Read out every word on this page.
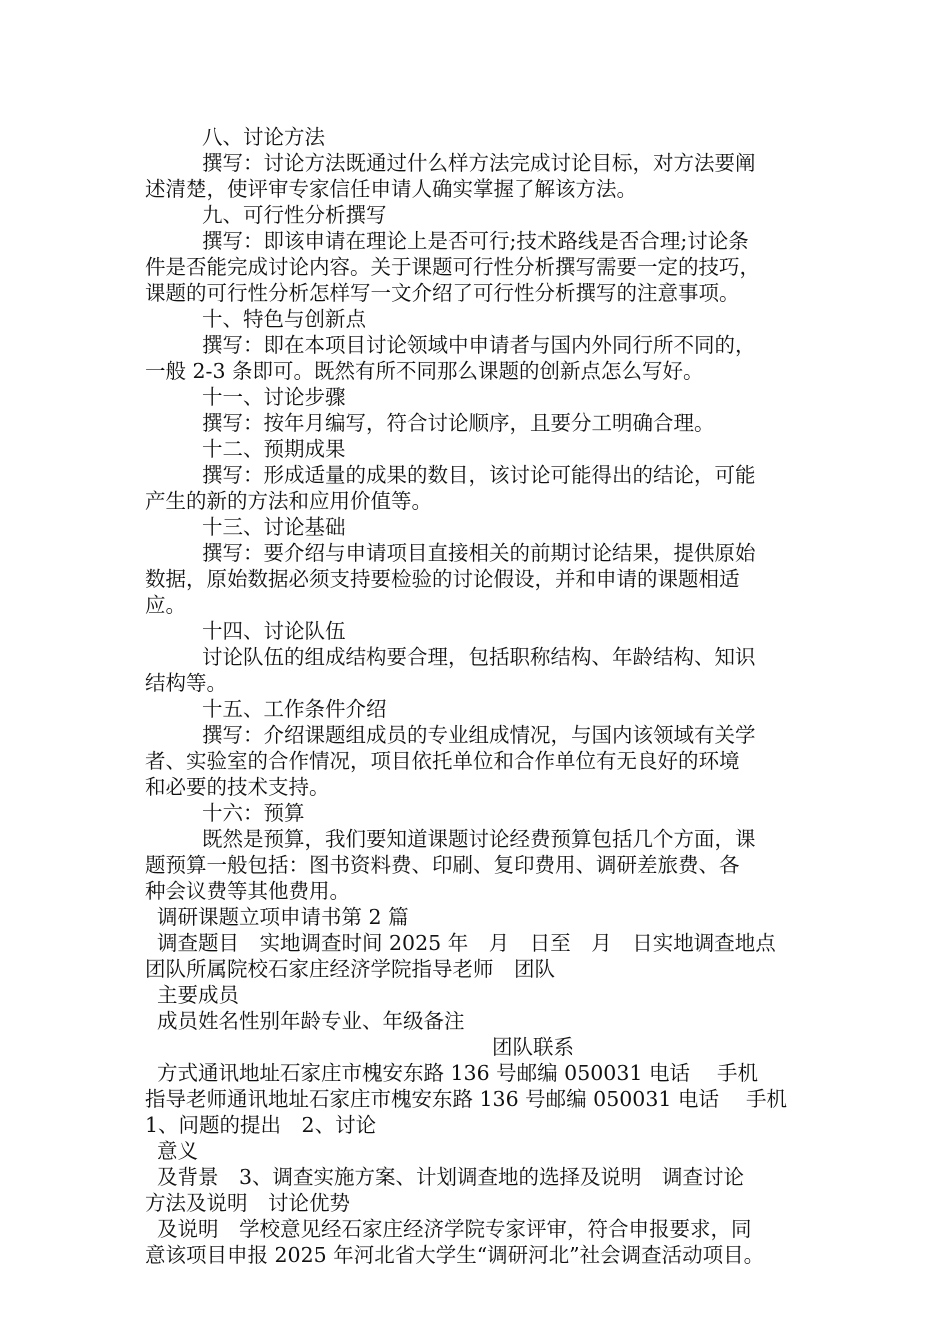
八、讨论方法
撰写：讨论方法既通过什么样方法完成讨论目标，对方法要阐
述清楚，使评审专家信任申请人确实掌握了解该方法。
九、可行性分析撰写
撰写：即该申请在理论上是否可行;技术路线是否合理;讨论条
件是否能完成讨论内容。关于课题可行性分析撰写需要一定的技巧，
课题的可行性分析怎样写一文介绍了可行性分析撰写的注意事项。
十、特色与创新点
撰写：即在本项目讨论领域中申请者与国内外同行所不同的，
一般 2-3 条即可。既然有所不同那么课题的创新点怎么写好。
十一、讨论步骤
撰写：按年月编写，符合讨论顺序，且要分工明确合理。
十二、预期成果
撰写：形成适量的成果的数目，该讨论可能得出的结论，可能
产生的新的方法和应用价值等。
十三、讨论基础
撰写：要介绍与申请项目直接相关的前期讨论结果，提供原始
数据，原始数据必须支持要检验的讨论假设，并和申请的课题相适
应。
十四、讨论队伍
讨论队伍的组成结构要合理，包括职称结构、年龄结构、知识
结构等。
十五、工作条件介绍
撰写：介绍课题组成员的专业组成情况，与国内该领域有关学
者、实验室的合作情况，项目依托单位和合作单位有无良好的环境
和必要的技术支持。
十六：预算
既然是预算，我们要知道课题讨论经费预算包括几个方面，课
题预算一般包括：图书资料费、印刷、复印费用、调研差旅费、各
种会议费等其他费用。
调研课题立项申请书第 2 篇
调查题目　实地调查时间 2025 年　月　日至　月　日实地调查地点
团队所属院校石家庄经济学院指导老师　团队
主要成员
成员姓名性别年龄专业、年级备注
团队联系
方式通讯地址石家庄市槐安东路 136 号邮编 050031 电话　 手机
指导老师通讯地址石家庄市槐安东路 136 号邮编 050031 电话　 手机
1、问题的提出　2、讨论
意义
及背景　3、调查实施方案、计划调查地的选择及说明　调查讨论
方法及说明　讨论优势
及说明　学校意见经石家庄经济学院专家评审，符合申报要求，同
意该项目申报 2025 年河北省大学生“调研河北”社会调查活动项目。
